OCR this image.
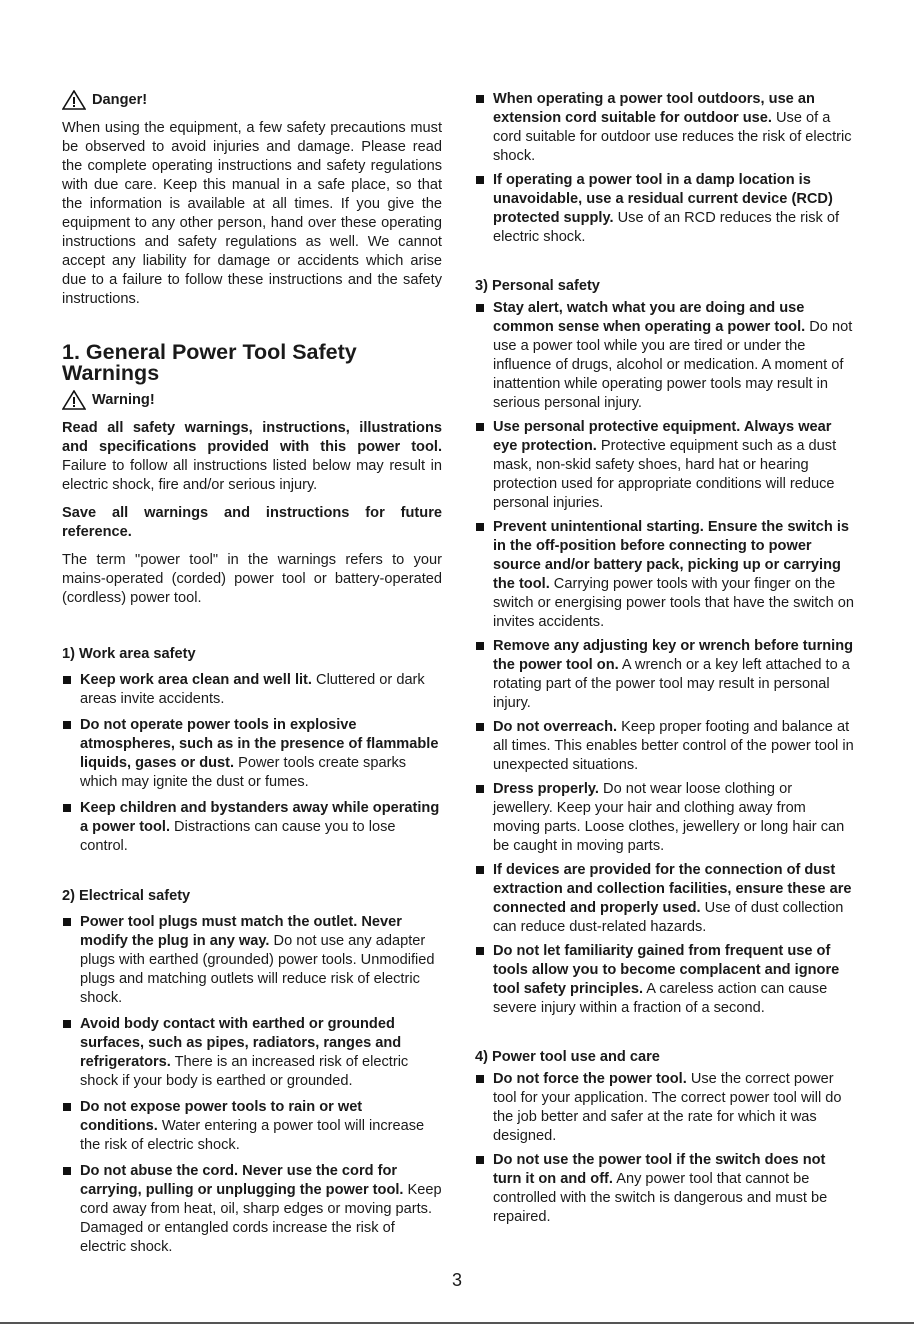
Danger!

When using the equipment, a few safety precautions must be observed to avoid injuries and damage. Please read the complete operating instructions and safety regulations with due care. Keep this manual in a safe place, so that the information is available at all times. If you give the equipment to any other person, hand over these operating instructions and safety regulations as well. We cannot accept any liability for damage or accidents which arise due to a failure to follow these instructions and the safety instructions.

1. General Power Tool Safety
Warnings
Warning!

Read all safety warnings, instructions, illustrations and specifications provided with this power tool. Failure to follow all instructions listed below may result in electric shock, fire and/or serious injury.

Save all warnings and instructions for future reference.

The term "power tool" in the warnings refers to your mains-operated (corded) power tool or battery-operated (cordless) power tool.

1) Work area safety

Keep work area clean and well lit. Cluttered or dark areas invite accidents.
Do not operate power tools in explosive atmospheres, such as in the presence of flammable liquids, gases or dust. Power tools create sparks which may ignite the dust or fumes.
Keep children and bystanders away while operating a power tool. Distractions can cause you to lose control.

2) Electrical safety

Power tool plugs must match the outlet. Never modify the plug in any way. Do not use any adapter plugs with earthed (grounded) power tools. Unmodified plugs and matching outlets will reduce risk of electric shock.
Avoid body contact with earthed or grounded surfaces, such as pipes, radiators, ranges and refrigerators. There is an increased risk of electric shock if your body is earthed or grounded.
Do not expose power tools to rain or wet conditions. Water entering a power tool will increase the risk of electric shock.
Do not abuse the cord. Never use the cord for carrying, pulling or unplugging the power tool. Keep cord away from heat, oil, sharp edges or moving parts. Damaged or entangled cords increase the risk of electric shock.
When operating a power tool outdoors, use an extension cord suitable for outdoor use. Use of a cord suitable for outdoor use reduces the risk of electric shock.
If operating a power tool in a damp location is unavoidable, use a residual current device (RCD) protected supply. Use of an RCD reduces the risk of electric shock.

3) Personal safety

Stay alert, watch what you are doing and use common sense when operating a power tool. Do not use a power tool while you are tired or under the influence of drugs, alcohol or medication. A moment of inattention while operating power tools may result in serious personal injury.
Use personal protective equipment. Always wear eye protection. Protective equipment such as a dust mask, non-skid safety shoes, hard hat or hearing protection used for appropriate conditions will reduce personal injuries.
Prevent unintentional starting. Ensure the switch is in the off-position before connecting to power source and/or battery pack, picking up or carrying the tool. Carrying power tools with your finger on the switch or energising power tools that have the switch on invites accidents.
Remove any adjusting key or wrench before turning the power tool on. A wrench or a key left attached to a rotating part of the power tool may result in personal injury.
Do not overreach. Keep proper footing and balance at all times. This enables better control of the power tool in unexpected situations.
Dress properly. Do not wear loose clothing or jewellery. Keep your hair and clothing away from moving parts. Loose clothes, jewellery or long hair can be caught in moving parts.
If devices are provided for the connection of dust extraction and collection facilities, ensure these are connected and properly used. Use of dust collection can reduce dust-related hazards.
Do not let familiarity gained from frequent use of tools allow you to become complacent and ignore tool safety principles. A careless action can cause severe injury within a fraction of a second.

4) Power tool use and care

Do not force the power tool. Use the correct power tool for your application. The correct power tool will do the job better and safer at the rate for which it was designed.
Do not use the power tool if the switch does not turn it on and off. Any power tool that cannot be controlled with the switch is dangerous and must be repaired.
3
